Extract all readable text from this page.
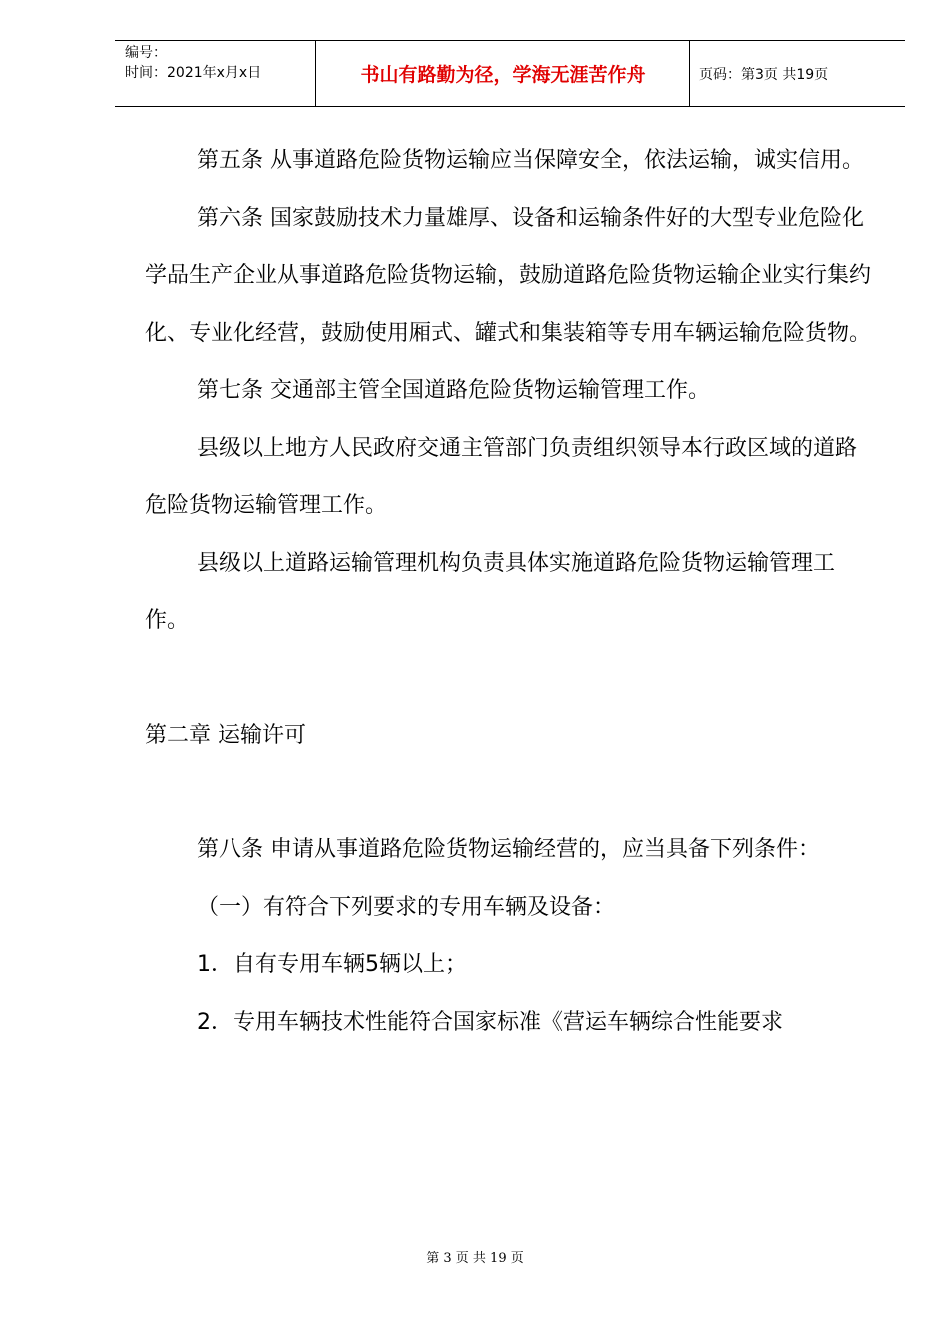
编号：
时间：2021年x月x日	书山有路勤为径，学海无涯苦作舟	页码：第3页 共19页

第五条 从事道路危险货物运输应当保障安全，依法运输，诚实信用。

第六条 国家鼓励技术力量雄厚、设备和运输条件好的大型专业危险化学品生产企业从事道路危险货物运输，鼓励道路危险货物运输企业实行集约化、专业化经营，鼓励使用厢式、罐式和集装箱等专用车辆运输危险货物。

第七条 交通部主管全国道路危险货物运输管理工作。

县级以上地方人民政府交通主管部门负责组织领导本行政区域的道路危险货物运输管理工作。

县级以上道路运输管理机构负责具体实施道路危险货物运输管理工作。

第二章 运输许可

第八条 申请从事道路危险货物运输经营的，应当具备下列条件：

（一）有符合下列要求的专用车辆及设备：

1．自有专用车辆5辆以上；

2．专用车辆技术性能符合国家标准《营运车辆综合性能要求

第 3 页 共 19 页
